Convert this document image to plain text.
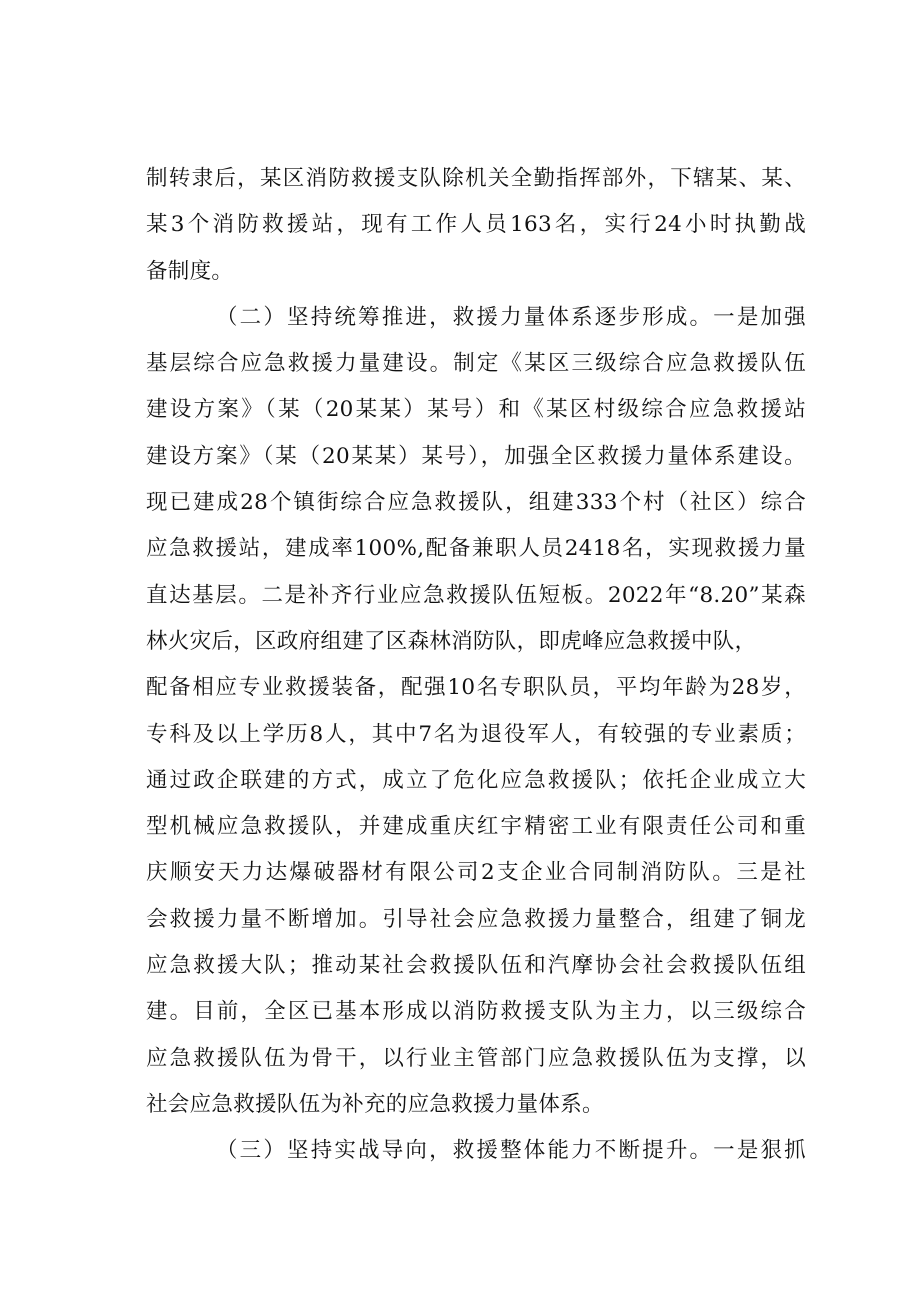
制转隶后，某区消防救援支队除机关全勤指挥部外，下辖某、某、
某3个消防救援站，现有工作人员163名，实行24小时执勤战
备制度。
（二）坚持统筹推进，救援力量体系逐步形成。一是加强
基层综合应急救援力量建设。制定《某区三级综合应急救援队伍
建设方案》（某（20某某）某号）和《某区村级综合应急救援站
建设方案》（某（20某某）某号），加强全区救援力量体系建设。
现已建成28个镇街综合应急救援队，组建333个村（社区）综合
应急救援站，建成率100%,配备兼职人员2418名，实现救援力量
直达基层。二是补齐行业应急救援队伍短板。2022年“8.20”某森
林火灾后，区政府组建了区森林消防队，即虎峰应急救援中队，
配备相应专业救援装备，配强10名专职队员，平均年龄为28岁，
专科及以上学历8人，其中7名为退役军人，有较强的专业素质；
通过政企联建的方式，成立了危化应急救援队；依托企业成立大
型机械应急救援队，并建成重庆红宇精密工业有限责任公司和重
庆顺安天力达爆破器材有限公司2支企业合同制消防队。三是社
会救援力量不断增加。引导社会应急救援力量整合，组建了铜龙
应急救援大队；推动某社会救援队伍和汽摩协会社会救援队伍组
建。目前，全区已基本形成以消防救援支队为主力，以三级综合
应急救援队伍为骨干，以行业主管部门应急救援队伍为支撑，以
社会应急救援队伍为补充的应急救援力量体系。
（三）坚持实战导向，救援整体能力不断提升。一是狠抓
